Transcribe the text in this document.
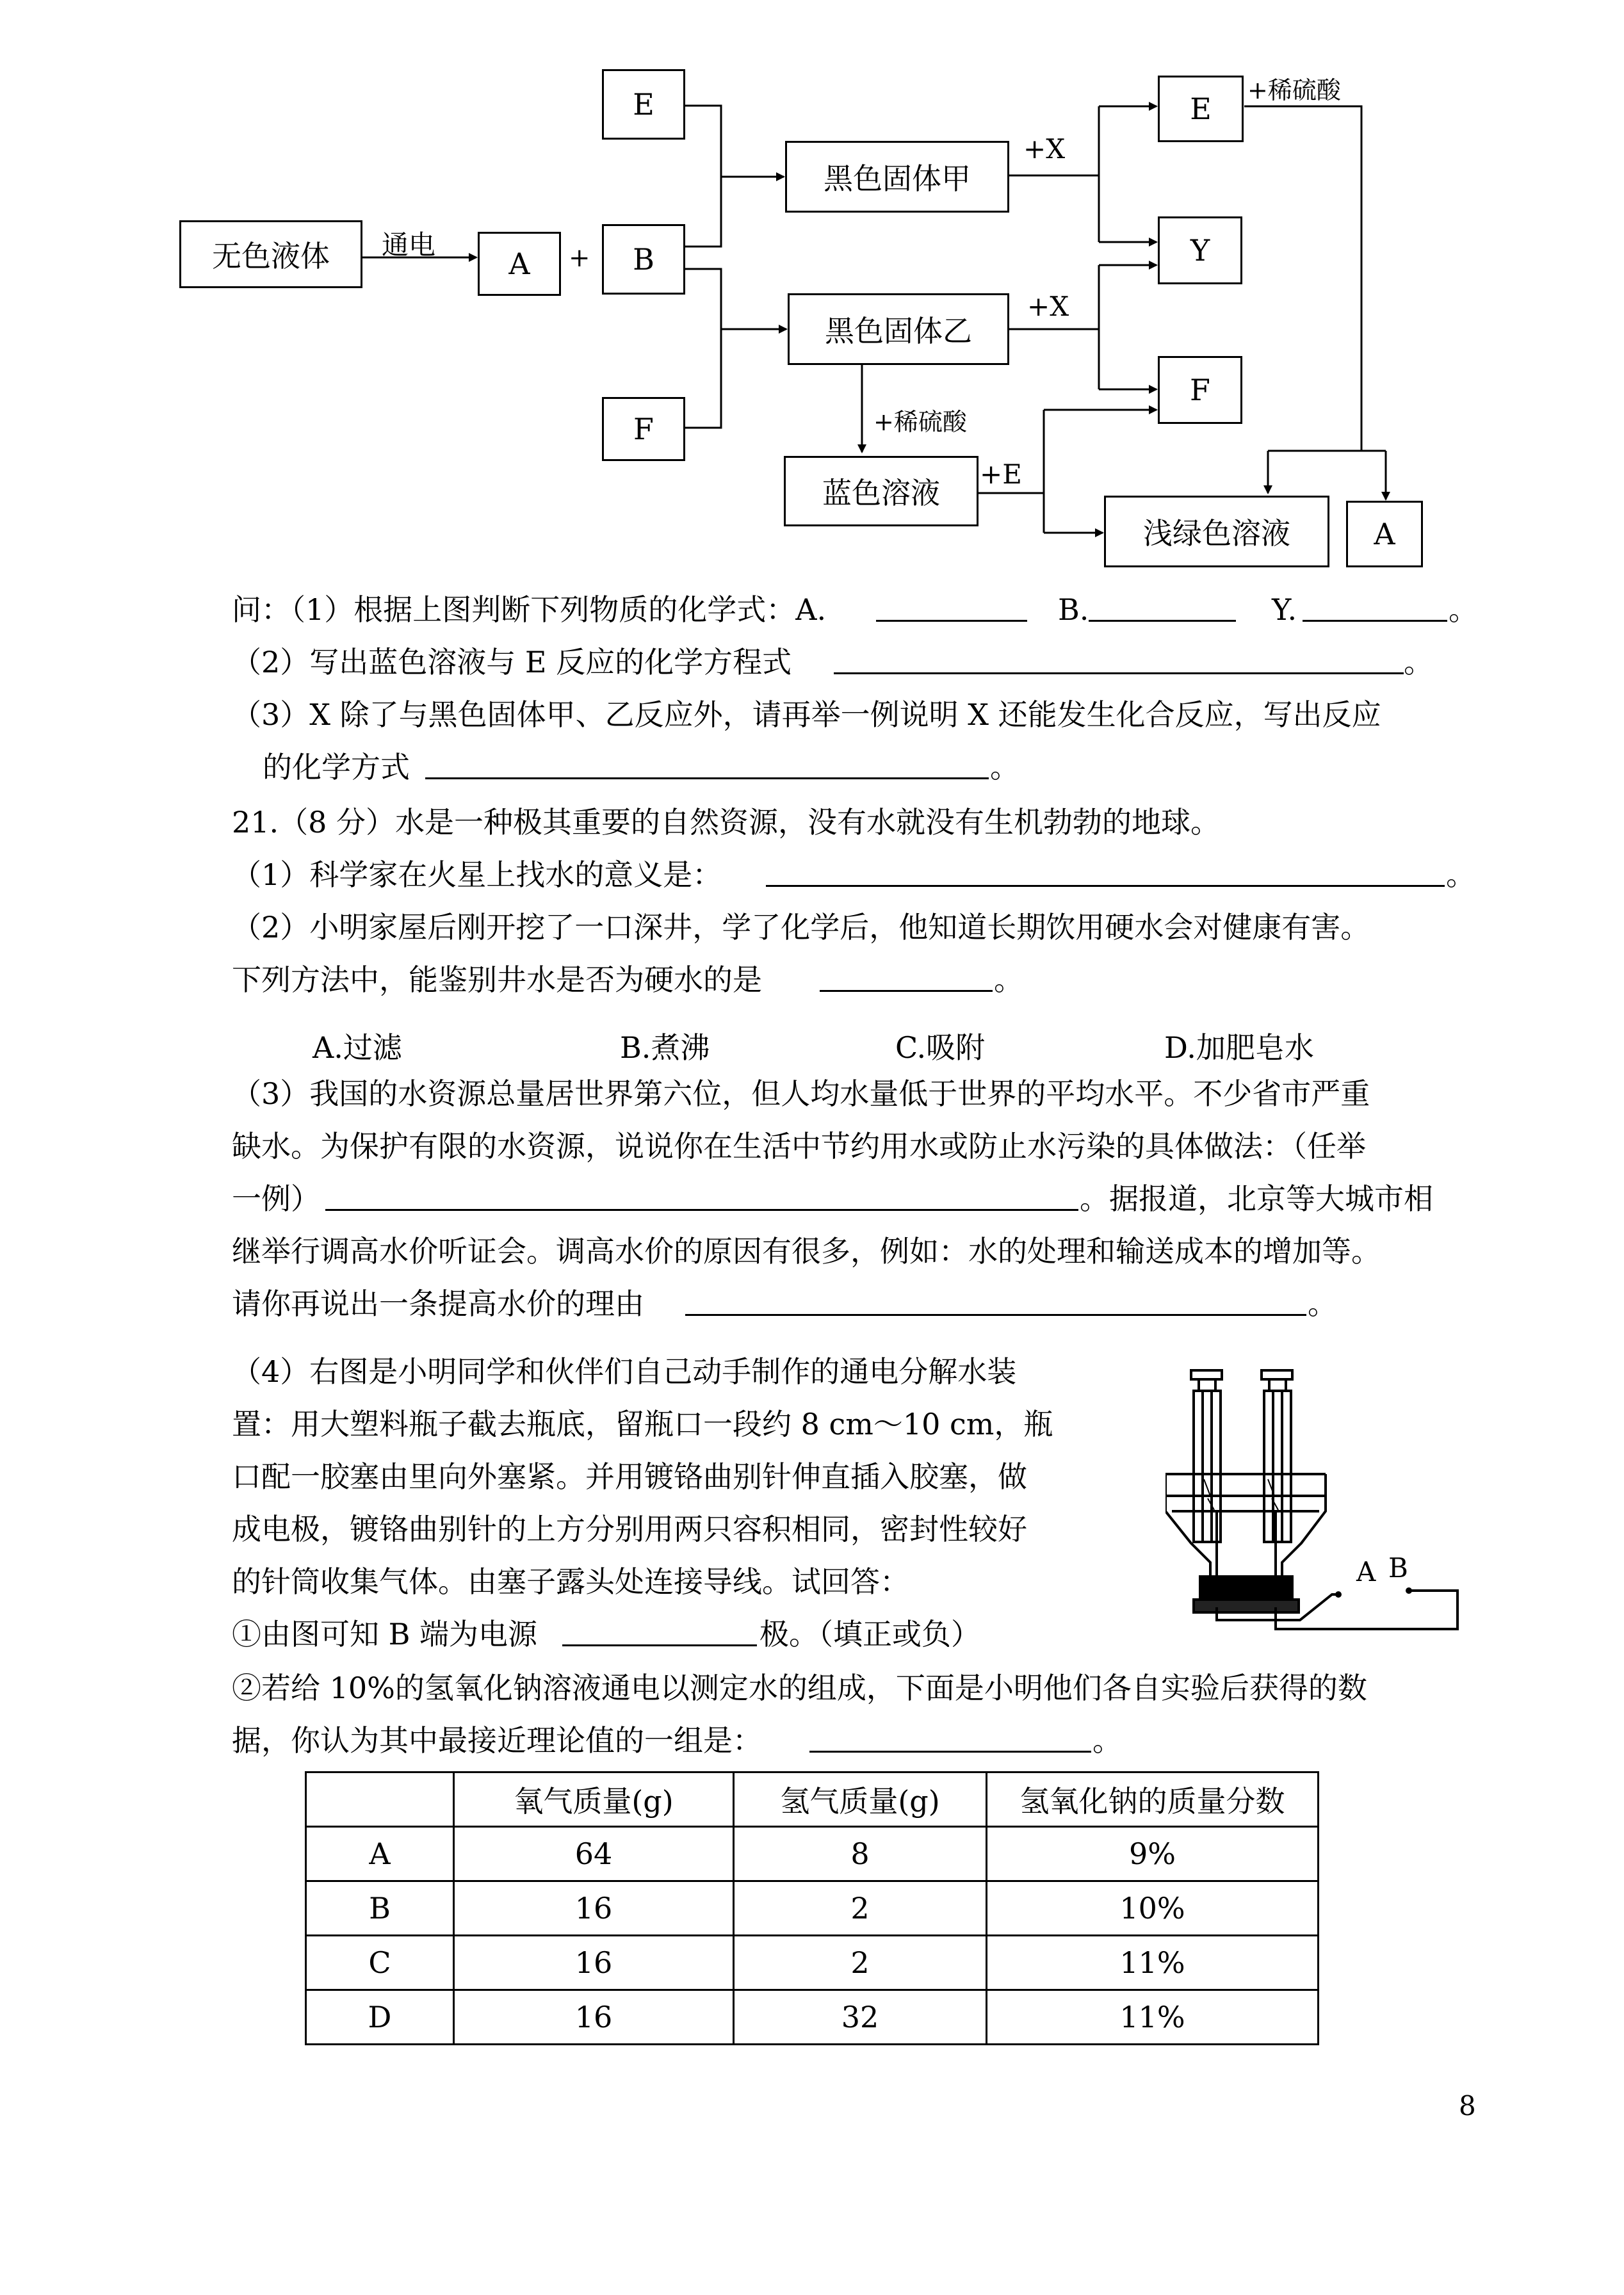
无色液体	A	B
E
F
黑色固体甲
黑色固体乙
蓝色溶液
E
Y
F
浅绿色溶液	A
通电	+
+X
+X
+稀硫酸
+稀硫酸
+E
问：（1）根据上图判断下列物质的化学式：A.	B.	Y.	。
（2）写出蓝色溶液与 E 反应的化学方程式	。
（3）X 除了与黑色固体甲、乙反应外，请再举一例说明 X 还能发生化合反应，写出反应
的化学方式	。
21.（8 分）水是一种极其重要的自然资源，没有水就没有生机勃勃的地球。
（1）科学家在火星上找水的意义是：	。
（2）小明家屋后刚开挖了一口深井，学了化学后，他知道长期饮用硬水会对健康有害。
下列方法中，能鉴别井水是否为硬水的是	。
A.过滤	B.煮沸	C.吸附	D.加肥皂水
（3）我国的水资源总量居世界第六位，但人均水量低于世界的平均水平。不少省市严重
缺水。为保护有限的水资源，说说你在生活中节约用水或防止水污染的具体做法：（任举
一例）	。据报道，北京等大城市相
继举行调高水价听证会。调高水价的原因有很多，例如：水的处理和输送成本的增加等。
请你再说出一条提高水价的理由	。
（4）右图是小明同学和伙伴们自己动手制作的通电分解水装
置：用大塑料瓶子截去瓶底，留瓶口一段约 8 cm～10 cm，瓶
口配一胶塞由里向外塞紧。并用镀铬曲别针伸直插入胶塞，做
成电极，镀铬曲别针的上方分别用两只容积相同，密封性较好
的针筒收集气体。由塞子露头处连接导线。试回答：
①由图可知 B 端为电源	极。（填正或负）
②若给 10%的氢氧化钠溶液通电以测定水的组成，下面是小明他们各自实验后获得的数
据，你认为其中最接近理论值的一组是：	。
A B
	氧气质量(g)	氢气质量(g)	氢氧化钠的质量分数
A	64	8	9%
B	16	2	10%
C	16	2	11%
D	16	32	11%
8
